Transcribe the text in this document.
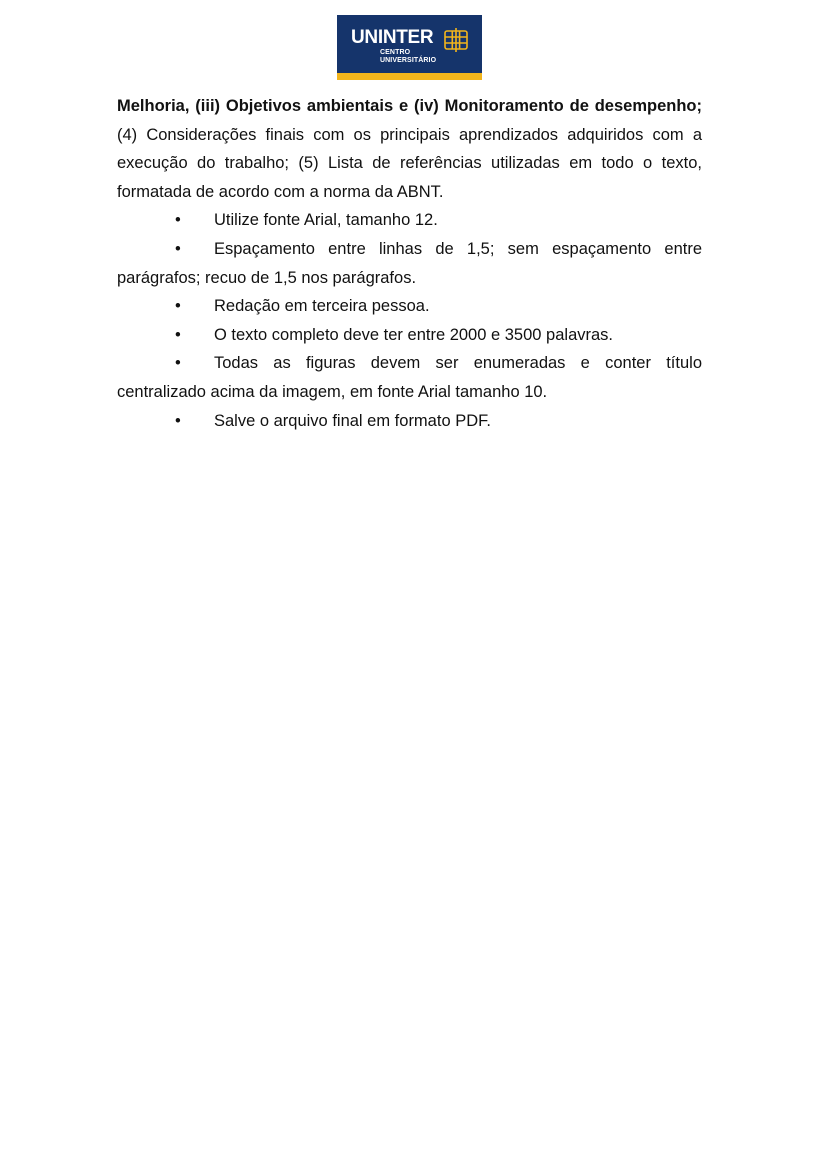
UNINTER
CENTRO
UNIVERSITÁRIO

Melhoria, (iii) Objetivos ambientais e (iv) Monitoramento de desempenho;

(4) Considerações finais com os principais aprendizados adquiridos com a execução do trabalho; (5) Lista de referências utilizadas em todo o texto, formatada de acordo com a norma da ABNT.

• Utilize fonte Arial, tamanho 12.

• Espaçamento entre linhas de 1,5; sem espaçamento entre parágrafos; recuo de 1,5 nos parágrafos.

• Redação em terceira pessoa.

• O texto completo deve ter entre 2000 e 3500 palavras.

• Todas as figuras devem ser enumeradas e conter título centralizado acima da imagem, em fonte Arial tamanho 10.

• Salve o arquivo final em formato PDF.
